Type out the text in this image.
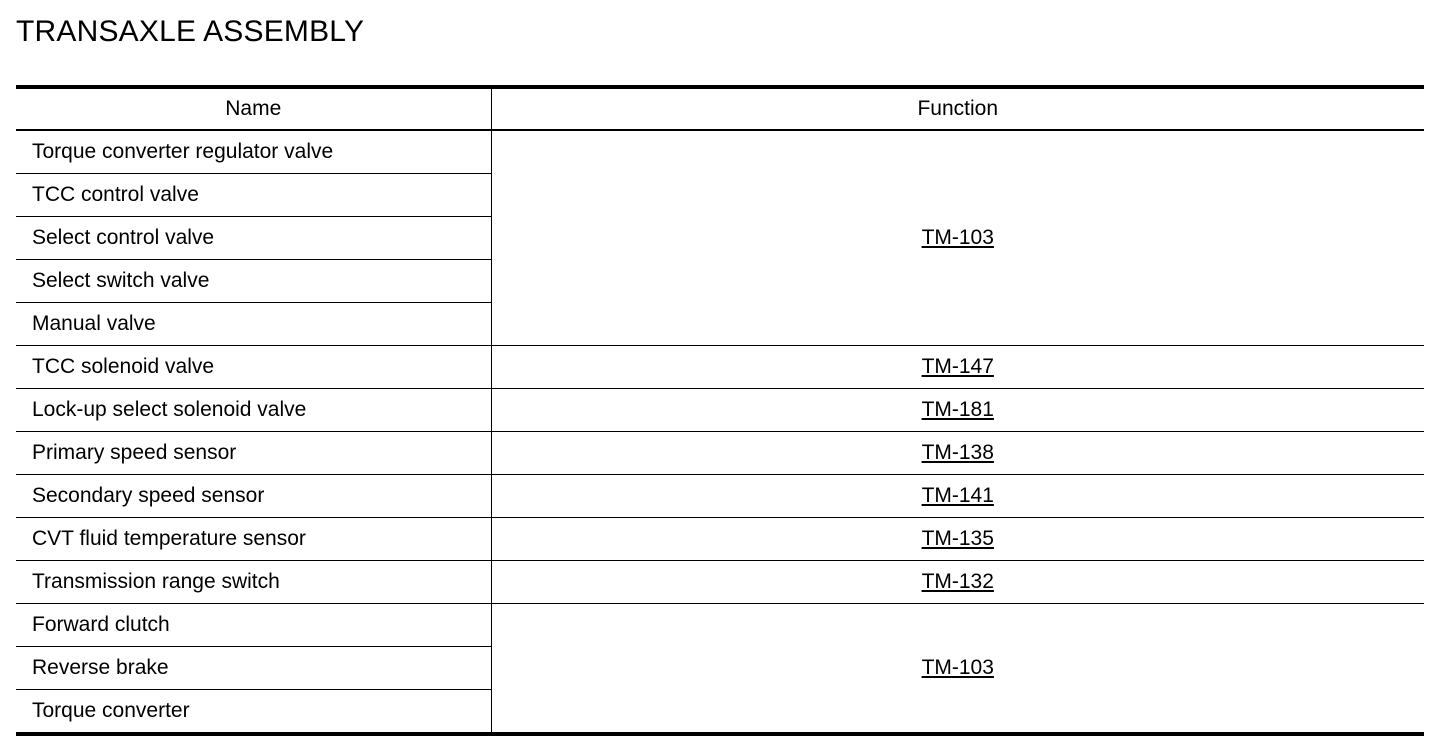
TRANSAXLE ASSEMBLY
Name	Function
Torque converter regulator valve	TM-103
TCC control valve	
Select control valve	
Select switch valve	
Manual valve	
TCC solenoid valve	TM-147
Lock-up select solenoid valve	TM-181
Primary speed sensor	TM-138
Secondary speed sensor	TM-141
CVT fluid temperature sensor	TM-135
Transmission range switch	TM-132
Forward clutch	TM-103
Reverse brake	
Torque converter	
